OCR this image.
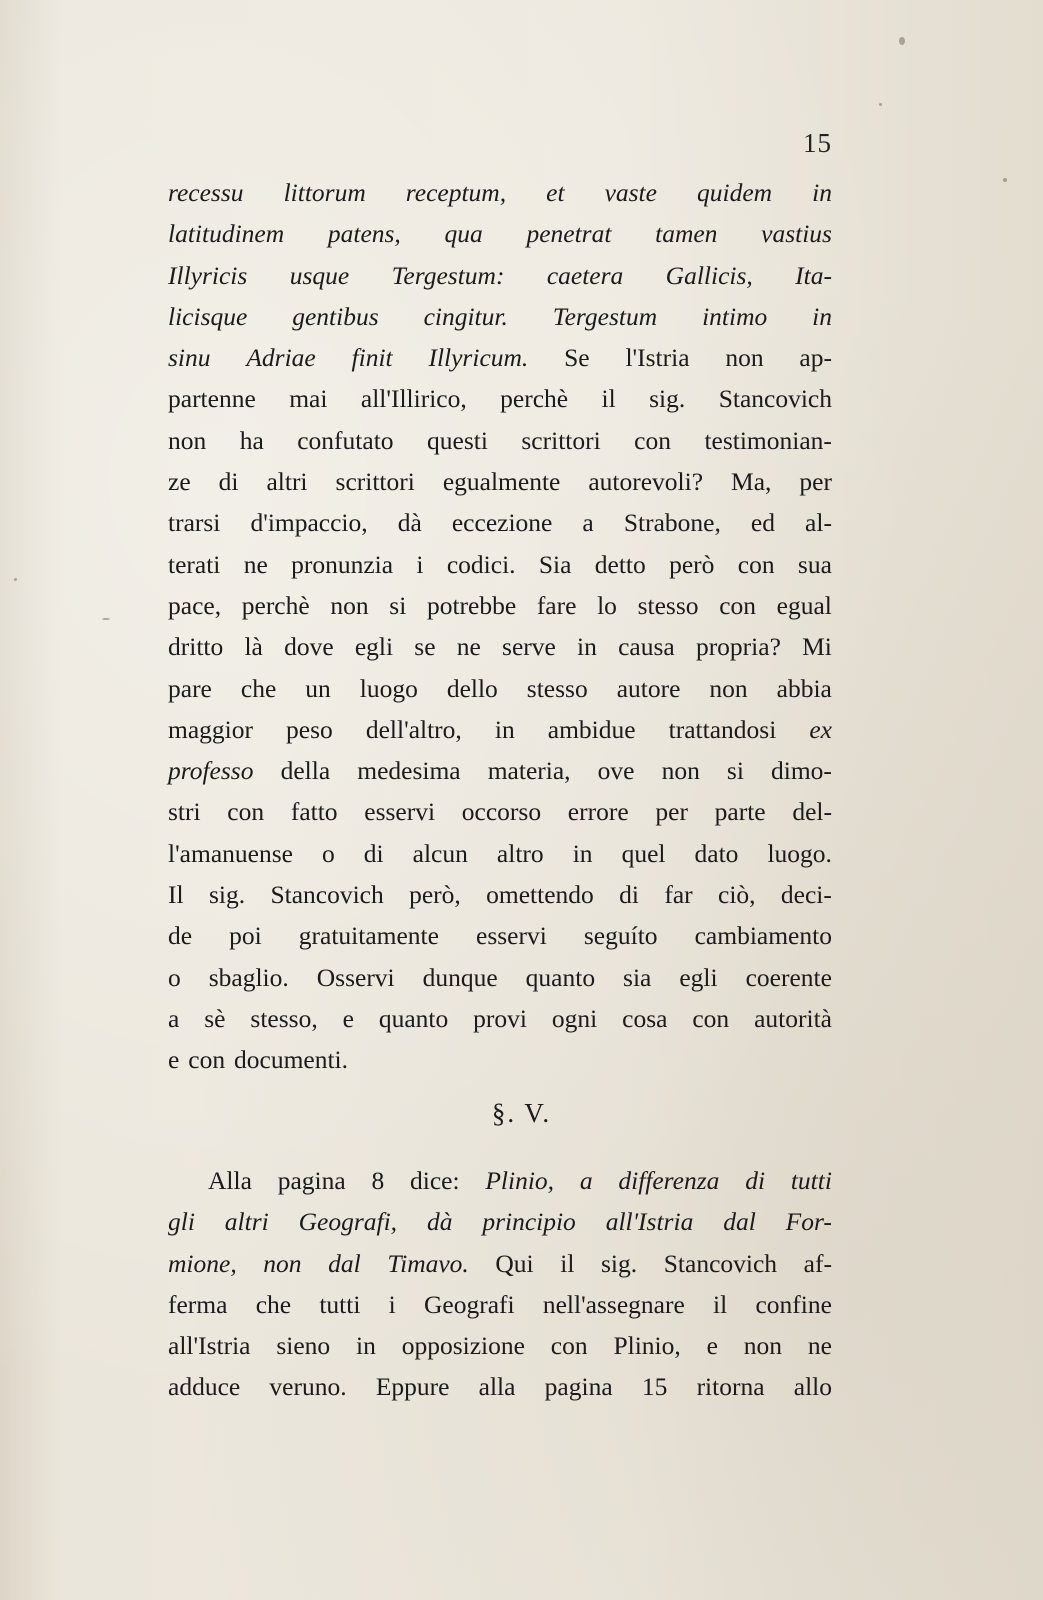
15
recessu littorum receptum, et vaste quidem in
latitudinem patens, qua penetrat tamen vastius
Illyricis usque Tergestum: caetera Gallicis, Ita-
licisque gentibus cingitur. Tergestum intimo in
sinu Adriae finit Illyricum. Se l'Istria non ap-
partenne mai all'Illirico, perchè il sig. Stancovich
non ha confutato questi scrittori con testimonian-
ze di altri scrittori egualmente autorevoli? Ma, per
trarsi d'impaccio, dà eccezione a Strabone, ed al-
terati ne pronunzia i codici. Sia detto però con sua
pace, perchè non si potrebbe fare lo stesso con egual
dritto là dove egli se ne serve in causa propria? Mi
pare che un luogo dello stesso autore non abbia
maggior peso dell'altro, in ambidue trattandosi ex
professo della medesima materia, ove non si dimo-
stri con fatto esservi occorso errore per parte del-
l'amanuense o di alcun altro in quel dato luogo.
Il sig. Stancovich però, omettendo di far ciò, deci-
de poi gratuitamente esservi seguíto cambiamento
o sbaglio. Osservi dunque quanto sia egli coerente
a sè stesso, e quanto provi ogni cosa con autorità
e con documenti.
§. V.
Alla pagina 8 dice: Plinio, a differenza di tutti
gli altri Geografi, dà principio all'Istria dal For-
mione, non dal Timavo. Qui il sig. Stancovich af-
ferma che tutti i Geografi nell'assegnare il confine
all'Istria sieno in opposizione con Plinio, e non ne
adduce veruno. Eppure alla pagina 15 ritorna allo
